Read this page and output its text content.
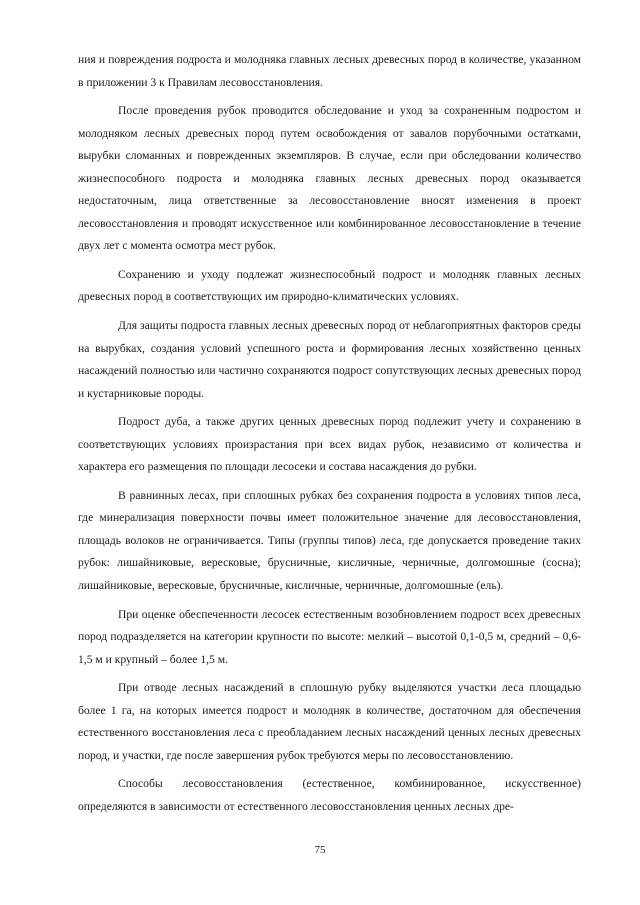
ния и повреждения подроста и молодняка главных лесных древесных пород в количестве, указанном в приложении 3 к Правилам лесовосстановления.

После проведения рубок проводится обследование и уход за сохраненным подростом и молодняком лесных древесных пород путем освобождения от завалов порубочными остатками, вырубки сломанных и поврежденных экземпляров. В случае, если при обследовании количество жизнеспособного подроста и молодняка главных лесных древесных пород оказывается недостаточным, лица ответственные за лесовосстановление вносят изменения в проект лесовосстановления и проводят искусственное или комбинированное лесовосстановление в течение двух лет с момента осмотра мест рубок.

Сохранению и уходу подлежат жизнеспособный подрост и молодняк главных лесных древесных пород в соответствующих им природно-климатических условиях.

Для защиты подроста главных лесных древесных пород от неблагоприятных факторов среды на вырубках, создания условий успешного роста и формирования лесных хозяйственно ценных насаждений полностью или частично сохраняются подрост сопутствующих лесных древесных пород и кустарниковые породы.

Подрост дуба, а также других ценных древесных пород подлежит учету и сохранению в соответствующих условиях произрастания при всех видах рубок, независимо от количества и характера его размещения по площади лесосеки и состава насаждения до рубки.

В равнинных лесах, при сплошных рубках без сохранения подроста в условиях типов леса, где минерализация поверхности почвы имеет положительное значение для лесовосстановления, площадь волоков не ограничивается. Типы (группы типов) леса, где допускается проведение таких рубок: лишайниковые, вересковые, брусничные, кисличные, черничные, долгомошные (сосна); лишайниковые, вересковые, брусничные, кисличные, черничные, долгомошные (ель).

При оценке обеспеченности лесосек естественным возобновлением подрост всех древесных пород подразделяется на категории крупности по высоте: мелкий – высотой 0,1-0,5 м, средний – 0,6-1,5 м и крупный – более 1,5 м.

При отводе лесных насаждений в сплошную рубку выделяются участки леса площадью более 1 га, на которых имеется подрост и молодняк в количестве, достаточном для обеспечения естественного восстановления леса с преобладанием лесных насаждений ценных лесных древесных пород, и участки, где после завершения рубок требуются меры по лесовосстановлению.

Способы лесовосстановления (естественное, комбинированное, искусственное) определяются в зависимости от естественного лесовосстановления ценных лесных дре-

75
